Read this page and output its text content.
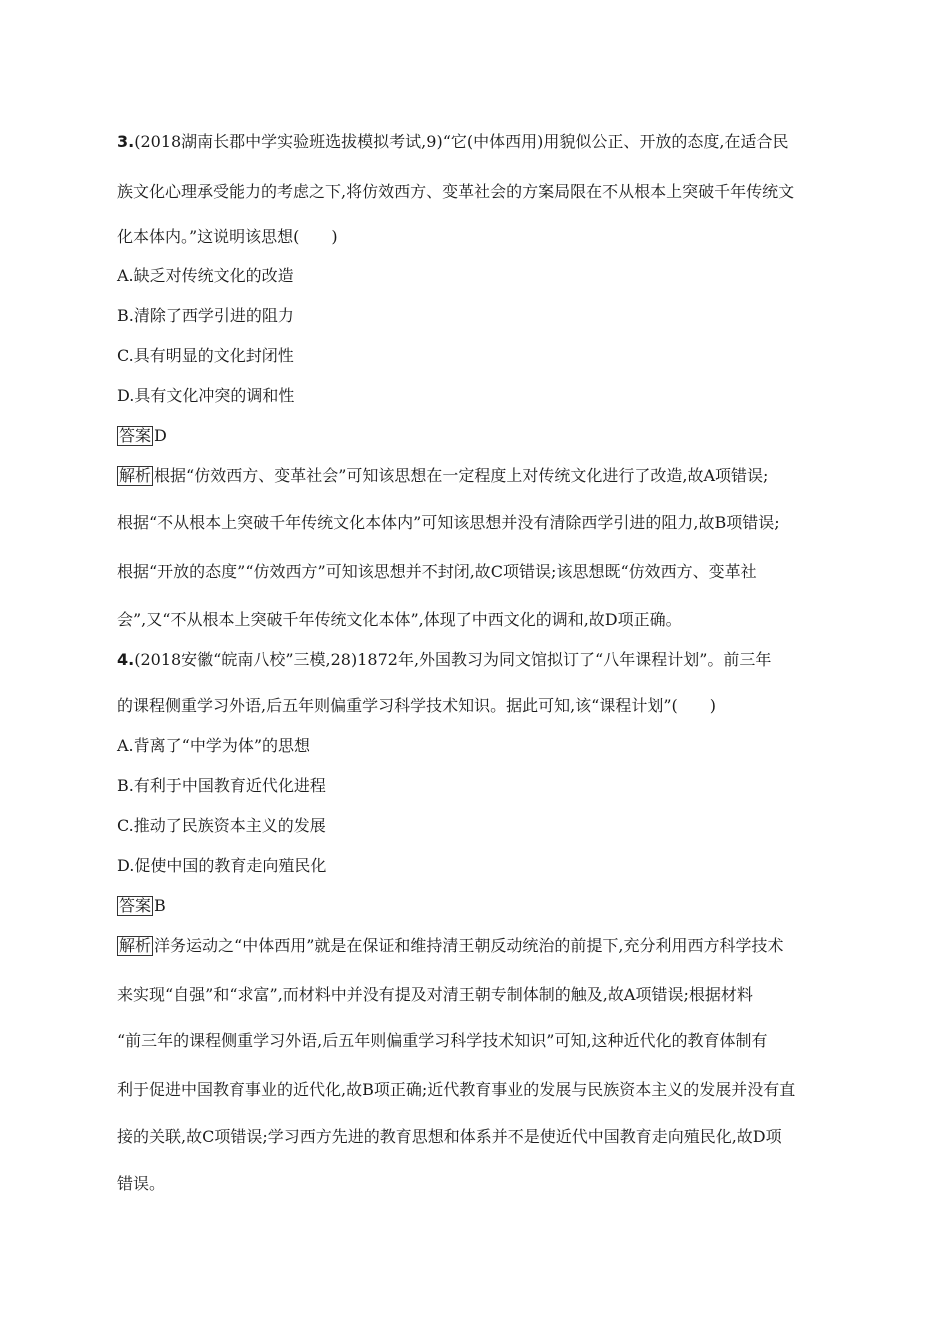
3.(2018湖南长郡中学实验班选拔模拟考试,9)“它(中体西用)用貌似公正、开放的态度,在适合民
族文化心理承受能力的考虑之下,将仿效西方、变革社会的方案局限在不从根本上突破千年传统文
化本体内。”这说明该思想(　　)
A.缺乏对传统文化的改造
B.清除了西学引进的阻力
C.具有明显的文化封闭性
D.具有文化冲突的调和性
答案 D
解析 根据“仿效西方、变革社会”可知该思想在一定程度上对传统文化进行了改造,故A项错误;
根据“不从根本上突破千年传统文化本体内”可知该思想并没有清除西学引进的阻力,故B项错误;
根据“开放的态度”“仿效西方”可知该思想并不封闭,故C项错误;该思想既“仿效西方、变革社
会”,又“不从根本上突破千年传统文化本体”,体现了中西文化的调和,故D项正确。
4.(2018安徽“皖南八校”三模,28)1872年,外国教习为同文馆拟订了“八年课程计划”。前三年
的课程侧重学习外语,后五年则偏重学习科学技术知识。据此可知,该“课程计划”(　　)
A.背离了“中学为体”的思想
B.有利于中国教育近代化进程
C.推动了民族资本主义的发展
D.促使中国的教育走向殖民化
答案 B
解析 洋务运动之“中体西用”就是在保证和维持清王朝反动统治的前提下,充分利用西方科学技术
来实现“自强”和“求富”,而材料中并没有提及对清王朝专制体制的触及,故A项错误;根据材料
“前三年的课程侧重学习外语,后五年则偏重学习科学技术知识”可知,这种近代化的教育体制有
利于促进中国教育事业的近代化,故B项正确;近代教育事业的发展与民族资本主义的发展并没有直
接的关联,故C项错误;学习西方先进的教育思想和体系并不是使近代中国教育走向殖民化,故D项
错误。
